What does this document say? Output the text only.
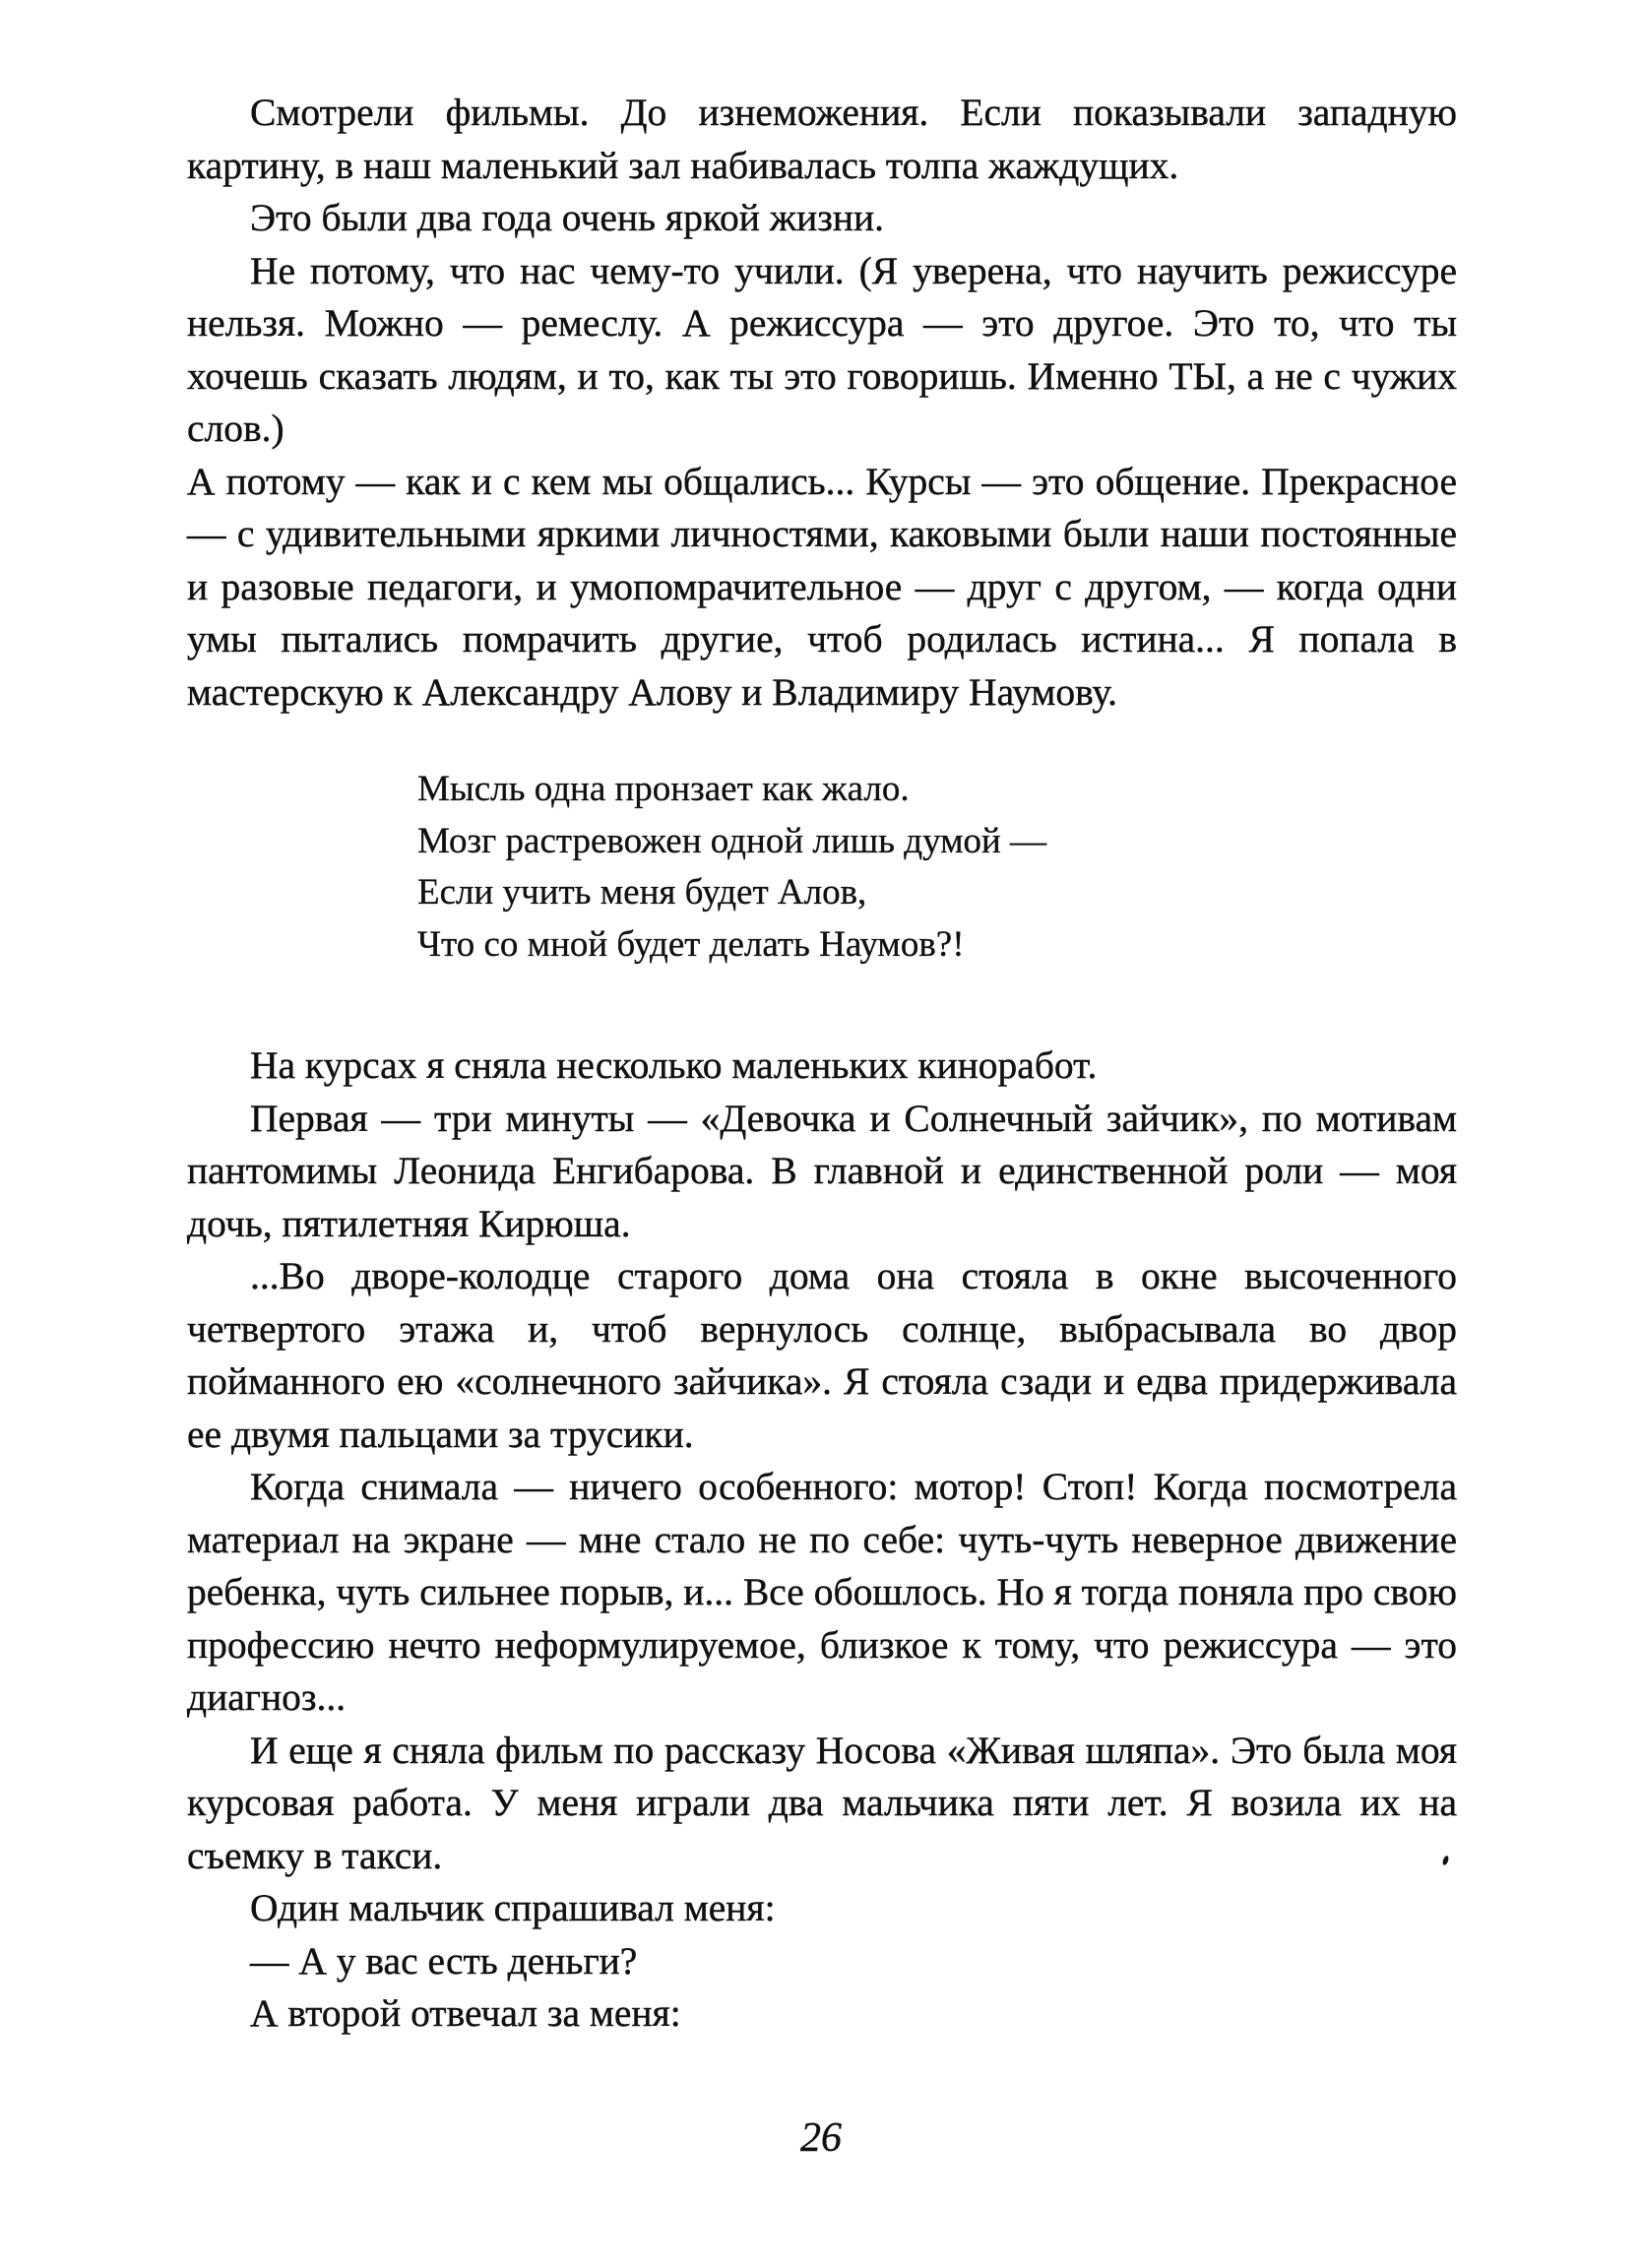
Смотрели фильмы. До изнеможения. Если показывали западную картину, в наш маленький зал набивалась толпа жаждущих.

Это были два года очень яркой жизни.

Не потому, что нас чему-то учили. (Я уверена, что научить режиссуре нельзя. Можно — ремеслу. А режиссура — это другое. Это то, что ты хочешь сказать людям, и то, как ты это говоришь. Именно ТЫ, а не с чужих слов.)

А потому — как и с кем мы общались... Курсы — это общение. Прекрасное — с удивительными яркими личностями, каковыми были наши постоянные и разовые педагоги, и умопомрачительное — друг с другом, — когда одни умы пытались помрачить другие, чтоб родилась истина... Я попала в мастерскую к Александру Алову и Владимиру Наумову.

Мысль одна пронзает как жало.
Мозг растревожен одной лишь думой —
Если учить меня будет Алов,
Что со мной будет делать Наумов?!

На курсах я сняла несколько маленьких киноработ.

Первая — три минуты — «Девочка и Солнечный зайчик», по мотивам пантомимы Леонида Енгибарова. В главной и единственной роли — моя дочь, пятилетняя Кирюша.

...Во дворе-колодце старого дома она стояла в окне высоченного четвертого этажа и, чтоб вернулось солнце, выбрасывала во двор пойманного ею «солнечного зайчика». Я стояла сзади и едва придерживала ее двумя пальцами за трусики.

Когда снимала — ничего особенного: мотор! Стоп! Когда посмотрела материал на экране — мне стало не по себе: чуть-чуть неверное движение ребенка, чуть сильнее порыв, и... Все обошлось. Но я тогда поняла про свою профессию нечто неформулируемое, близкое к тому, что режиссура — это диагноз...

И еще я сняла фильм по рассказу Носова «Живая шляпа». Это была моя курсовая работа. У меня играли два мальчика пяти лет. Я возила их на съемку в такси.

Один мальчик спрашивал меня:

— А у вас есть деньги?

А второй отвечал за меня:

26
